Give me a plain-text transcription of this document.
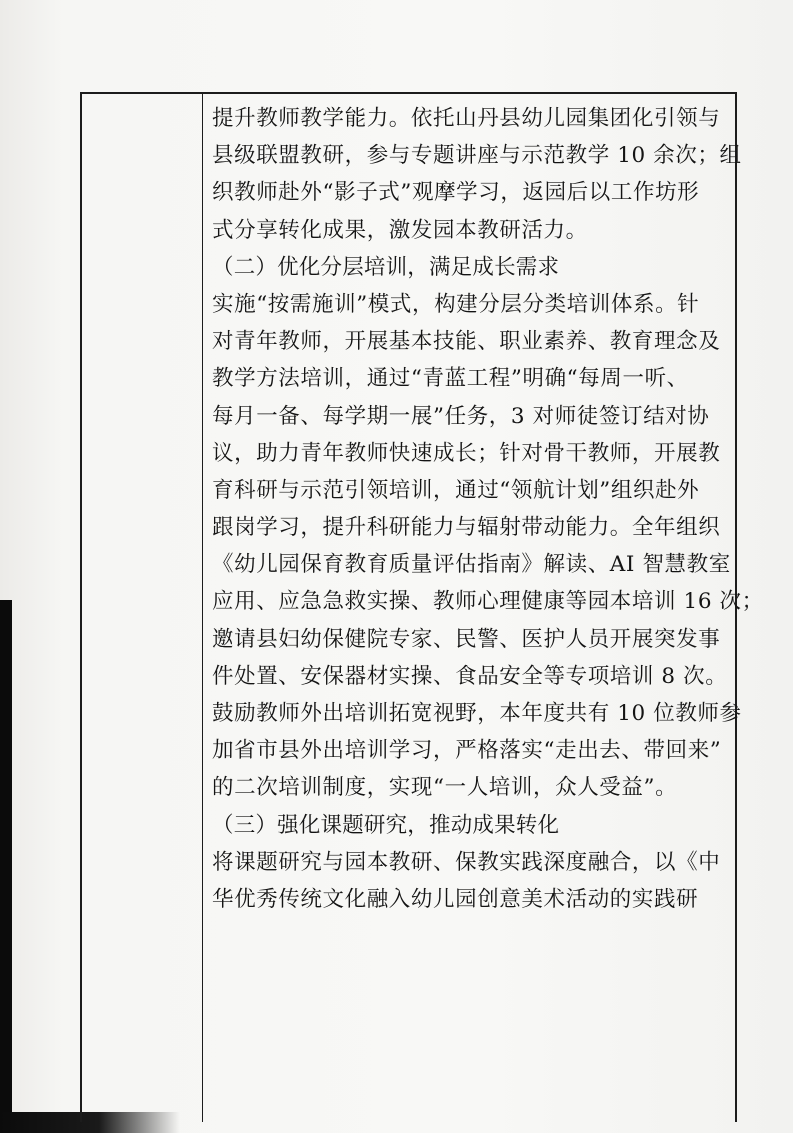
提升教师教学能力。依托山丹县幼儿园集团化引领与
县级联盟教研，参与专题讲座与示范教学 10 余次；组
织教师赴外“影子式”观摩学习，返园后以工作坊形
式分享转化成果，激发园本教研活力。
（二）优化分层培训，满足成长需求
实施“按需施训”模式，构建分层分类培训体系。针
对青年教师，开展基本技能、职业素养、教育理念及
教学方法培训，通过“青蓝工程”明确“每周一听、
每月一备、每学期一展”任务，3 对师徒签订结对协
议，助力青年教师快速成长；针对骨干教师，开展教
育科研与示范引领培训，通过“领航计划”组织赴外
跟岗学习，提升科研能力与辐射带动能力。全年组织
《幼儿园保育教育质量评估指南》解读、AI 智慧教室
应用、应急急救实操、教师心理健康等园本培训 16 次；
邀请县妇幼保健院专家、民警、医护人员开展突发事
件处置、安保器材实操、食品安全等专项培训 8 次。
鼓励教师外出培训拓宽视野，本年度共有 10 位教师参
加省市县外出培训学习，严格落实“走出去、带回来”
的二次培训制度，实现“一人培训，众人受益”。
（三）强化课题研究，推动成果转化
将课题研究与园本教研、保教实践深度融合，以《中
华优秀传统文化融入幼儿园创意美术活动的实践研
